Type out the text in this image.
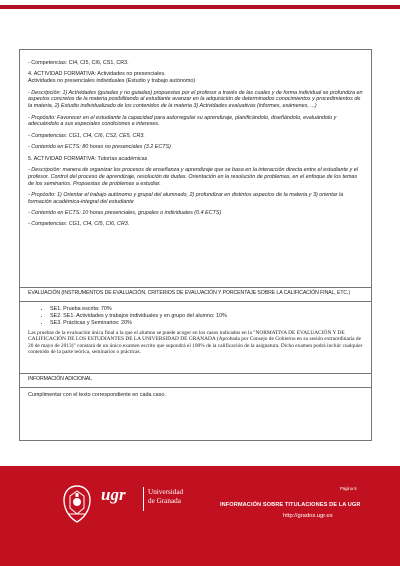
- Competencias: CI4, CI5, CI6, CS1, CR3.

4. ACTIVIDAD FORMATIVA: Actividades no presenciales.

Actividades no presenciales individuales (Estudio y trabajo autónomo)

- Descripción: 1) Actividades (guiadas y no guiadas) propuestas por el profesor a través de las cuales y de forma individual se profundiza en aspectos concretos de la materia posibilitando al estudiante avanzar en la adquisición de determinados conocimientos y procedimientos de la materia, 2) Estudio individualizado de los contenidos de la materia 3) Actividades evaluativas (informes, exámenes, ...)

- Propósito: Favorecer en el estudiante la capacidad para autorregular su aprendizaje, planificándolo, diseñándolo, evaluándolo y adecuándolo a sus especiales condiciones e intereses.

- Competencias: CG1, CI4, CI6, CS2, CE5, CR3.

- Contenido en ECTS: 80 horas no presenciales (3.2 ECTS)

5. ACTIVIDAD FORMATIVA: Tutorías académicas

- Descripción: manera de organizar los procesos de enseñanza y aprendizaje que se basa en la interacción directa entre el estudiante y el profesor. Control del proceso de aprendizaje, resolución de dudas. Orientación en la resolución de problemas, en el enfoque de los temas de los seminarios. Propuestas de problemas a estudiar.

- Propósito: 1) Orientar el trabajo autónomo y grupal del alumnado, 2) profundizar en distintos aspectos de la materia y 3) orientar la formación académica-integral del estudiante

- Contenido en ECTS: 10 horas presenciales, grupales o individuales (0.4 ECTS)

- Competencias: CG1, CI4, CI5, CI6, CR3.

EVALUACIÓN (INSTRUMENTOS DE EVALUACIÓN, CRITERIOS DE EVALUACIÓN Y PORCENTAJE SOBRE LA CALIFICACIÓN FINAL, ETC.)

• SE1. Prueba escrita: 70%
• SE2. SE1. Actividades y trabajos individuales y en grupo del alumno: 10%
• SE3. Prácticas y Seminarios: 20%

Las pruebas de la evaluación única final a la que el alumno se puede acoger en los casos indicados en la "NORMATIVA DE EVALUACIÓN Y DE CALIFICACIÓN DE LOS ESTUDIANTES DE LA UNIVERSIDAD DE GRANADA (Aprobada por Consejo de Gobierno en su sesión extraordinaria de 20 de mayo de 2013)" constará de un único examen escrito que supondrá el 100% de la calificación de la asignatura. Dicho examen podrá incluir cualquier contenido de la parte teórica, seminarios o prácticas.

INFORMACIÓN ADICIONAL

Cumplimentar con el texto correspondiente en cada caso.

ugr	Universidad
de Granada
Página 5
INFORMACIÓN SOBRE TITULACIONES DE LA UGR
http://grados.ugr.es
